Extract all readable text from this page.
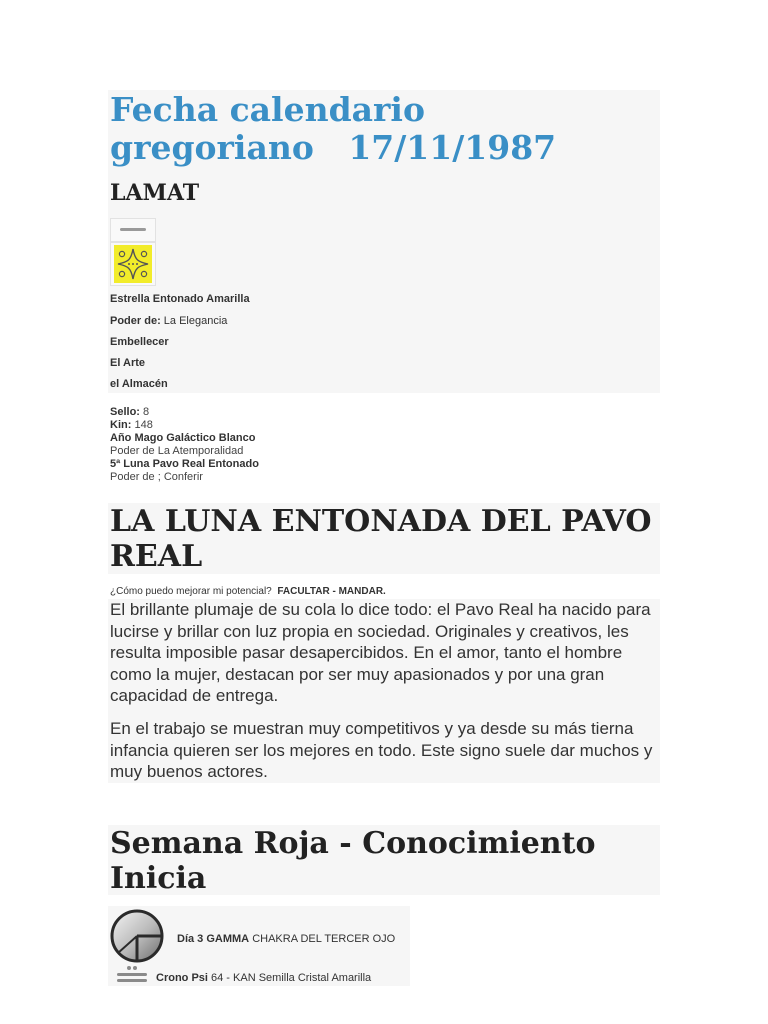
Fecha calendario
gregoriano 17/11/1987
LAMAT
Estrella Entonado Amarilla
Poder de: La Elegancia
Embellecer
El Arte
el Almacén
Sello: 8
Kin: 148
Año Mago Galáctico Blanco
Poder de La Atemporalidad
5ª Luna Pavo Real Entonado
Poder de ; Conferir
LA LUNA ENTONADA DEL PAVO
REAL
¿Cómo puedo mejorar mi potencial? FACULTAR - MANDAR.
El brillante plumaje de su cola lo dice todo: el Pavo Real ha nacido para lucirse y brillar con luz propia en sociedad. Originales y creativos, les resulta imposible pasar desapercibidos. En el amor, tanto el hombre como la mujer, destacan por ser muy apasionados y por una gran capacidad de entrega.
En el trabajo se muestran muy competitivos y ya desde su más tierna infancia quieren ser los mejores en todo. Este signo suele dar muchos y muy buenos actores.
Semana Roja - Conocimiento
Inicia
Día 3 GAMMA CHAKRA DEL TERCER OJO
Crono Psi 64 - KAN Semilla Cristal Amarilla
